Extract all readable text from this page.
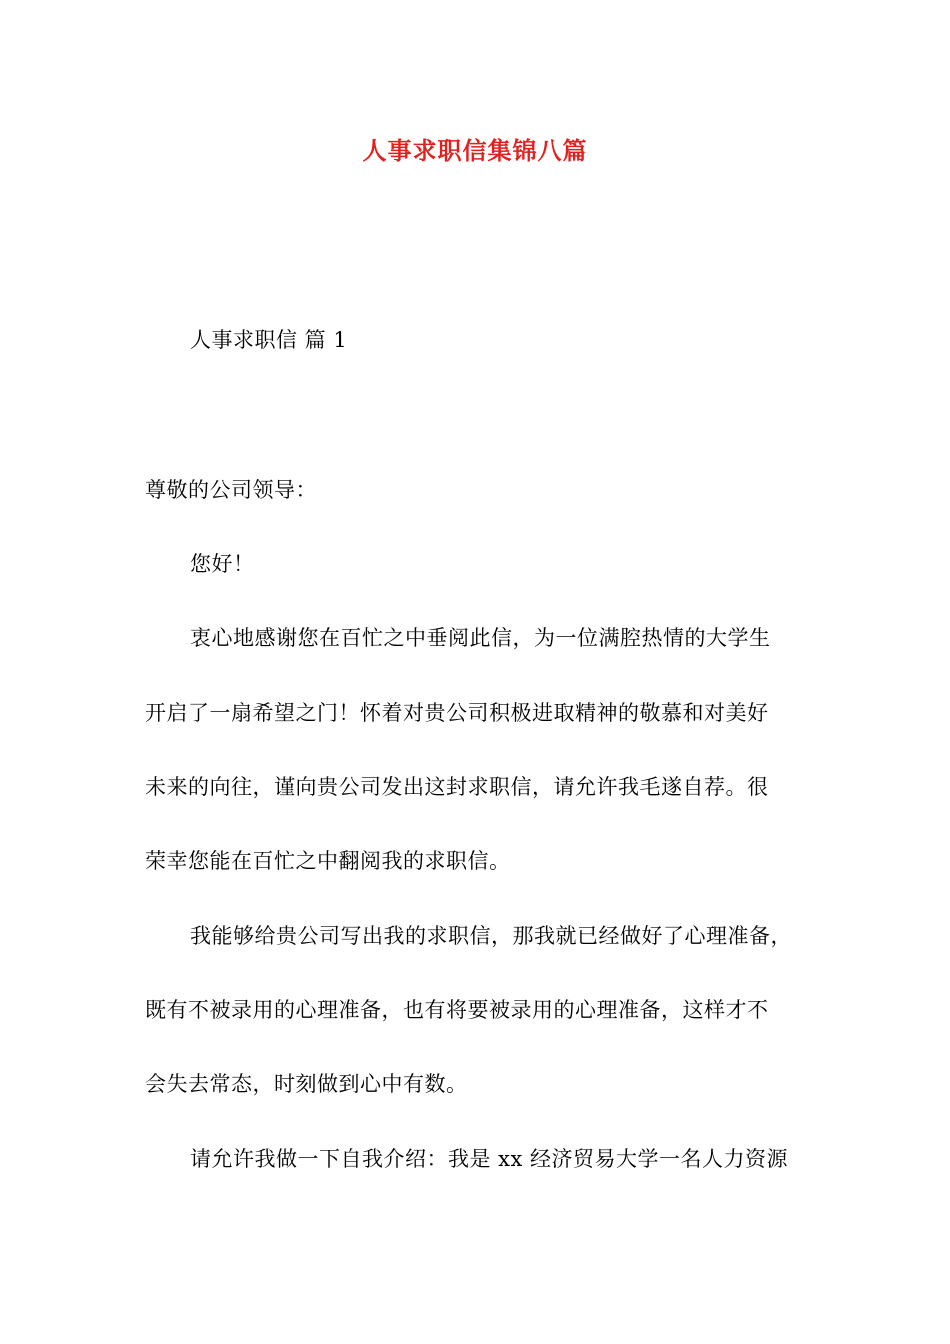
人事求职信集锦八篇
人事求职信 篇 1
尊敬的公司领导：
您好！
衷心地感谢您在百忙之中垂阅此信，为一位满腔热情的大学生
开启了一扇希望之门！怀着对贵公司积极进取精神的敬慕和对美好
未来的向往，谨向贵公司发出这封求职信，请允许我毛遂自荐。很
荣幸您能在百忙之中翻阅我的求职信。
我能够给贵公司写出我的求职信，那我就已经做好了心理准备，
既有不被录用的心理准备，也有将要被录用的心理准备，这样才不
会失去常态，时刻做到心中有数。
请允许我做一下自我介绍：我是 xx 经济贸易大学一名人力资源
